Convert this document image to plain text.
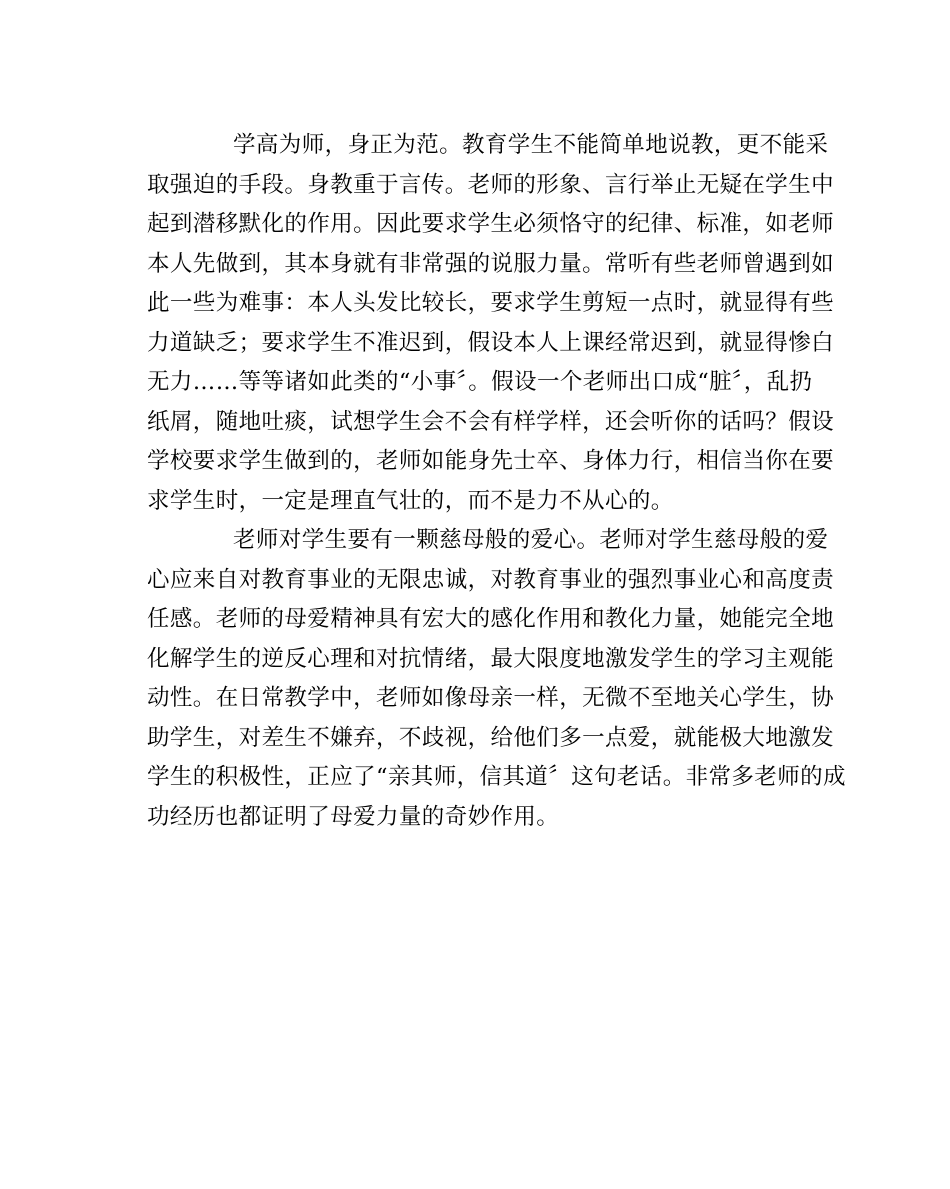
学高为师，身正为范。教育学生不能简单地说教，更不能采
取强迫的手段。身教重于言传。老师的形象、言行举止无疑在学生中
起到潜移默化的作用。因此要求学生必须恪守的纪律、标准，如老师
本人先做到，其本身就有非常强的说服力量。常听有些老师曾遇到如
此一些为难事：本人头发比较长，要求学生剪短一点时，就显得有些
力道缺乏；要求学生不准迟到，假设本人上课经常迟到，就显得惨白
无力……等等诸如此类的“小事〞。假设一个老师出口成“脏〞，乱扔
纸屑，随地吐痰，试想学生会不会有样学样，还会听你的话吗？假设
学校要求学生做到的，老师如能身先士卒、身体力行，相信当你在要
求学生时，一定是理直气壮的，而不是力不从心的。
老师对学生要有一颗慈母般的爱心。老师对学生慈母般的爱
心应来自对教育事业的无限忠诚，对教育事业的强烈事业心和高度责
任感。老师的母爱精神具有宏大的感化作用和教化力量，她能完全地
化解学生的逆反心理和对抗情绪，最大限度地激发学生的学习主观能
动性。在日常教学中，老师如像母亲一样，无微不至地关心学生，协
助学生，对差生不嫌弃，不歧视，给他们多一点爱，就能极大地激发
学生的积极性，正应了“亲其师，信其道〞这句老话。非常多老师的成
功经历也都证明了母爱力量的奇妙作用。
